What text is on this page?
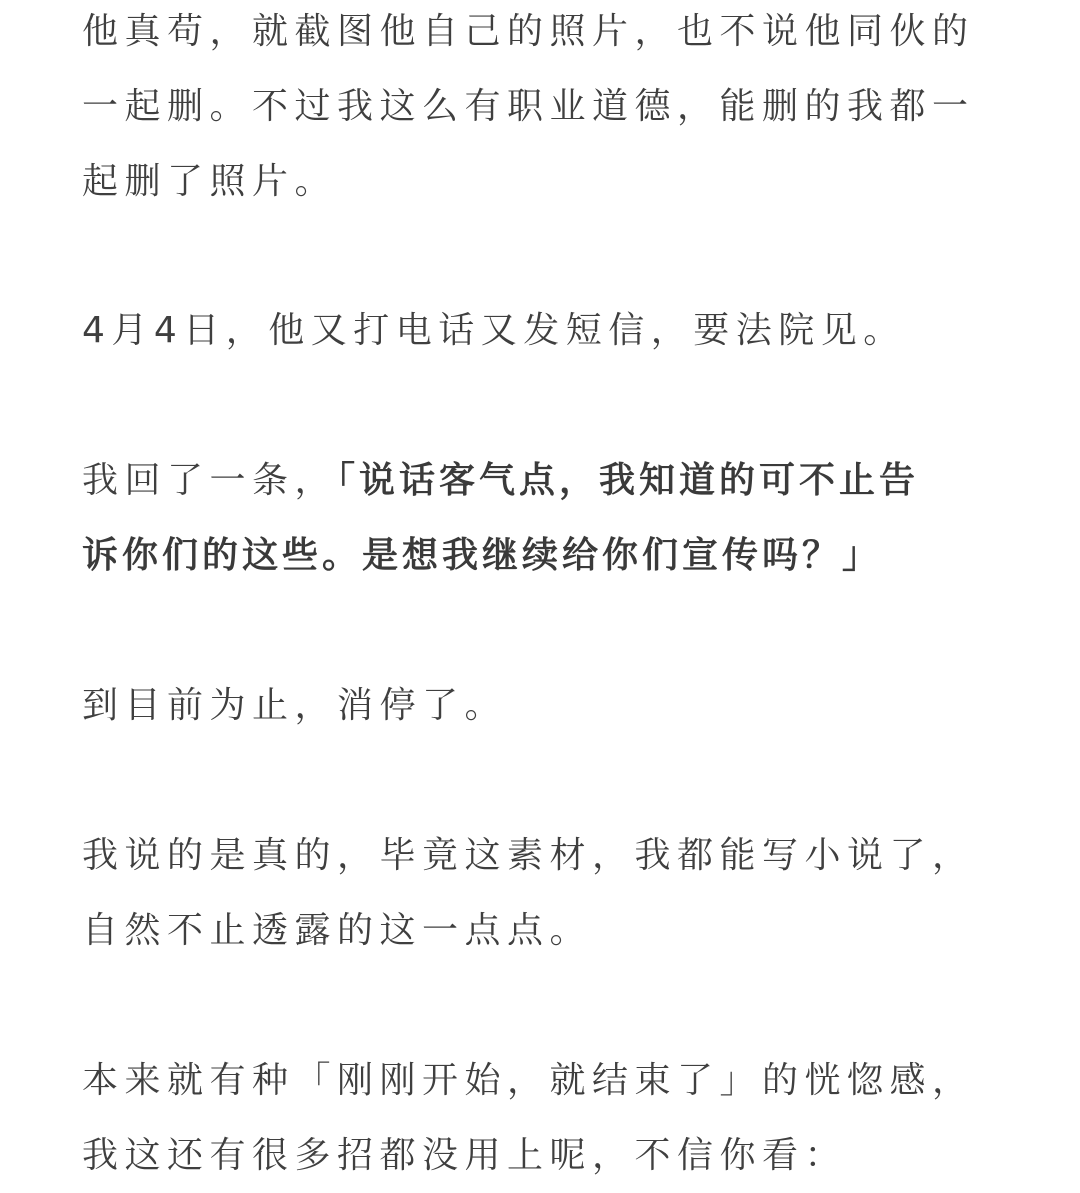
他真苟，就截图他自己的照片，也不说他同伙的
一起删。不过我这么有职业道德，能删的我都一
起删了照片。

4月4日，他又打电话又发短信，要法院见。

我回了一条，「说话客气点，我知道的可不止告
诉你们的这些。是想我继续给你们宣传吗？」

到目前为止，消停了。

我说的是真的，毕竟这素材，我都能写小说了，
自然不止透露的这一点点。

本来就有种「刚刚开始，就结束了」的恍惚感，
我这还有很多招都没用上呢，不信你看：
